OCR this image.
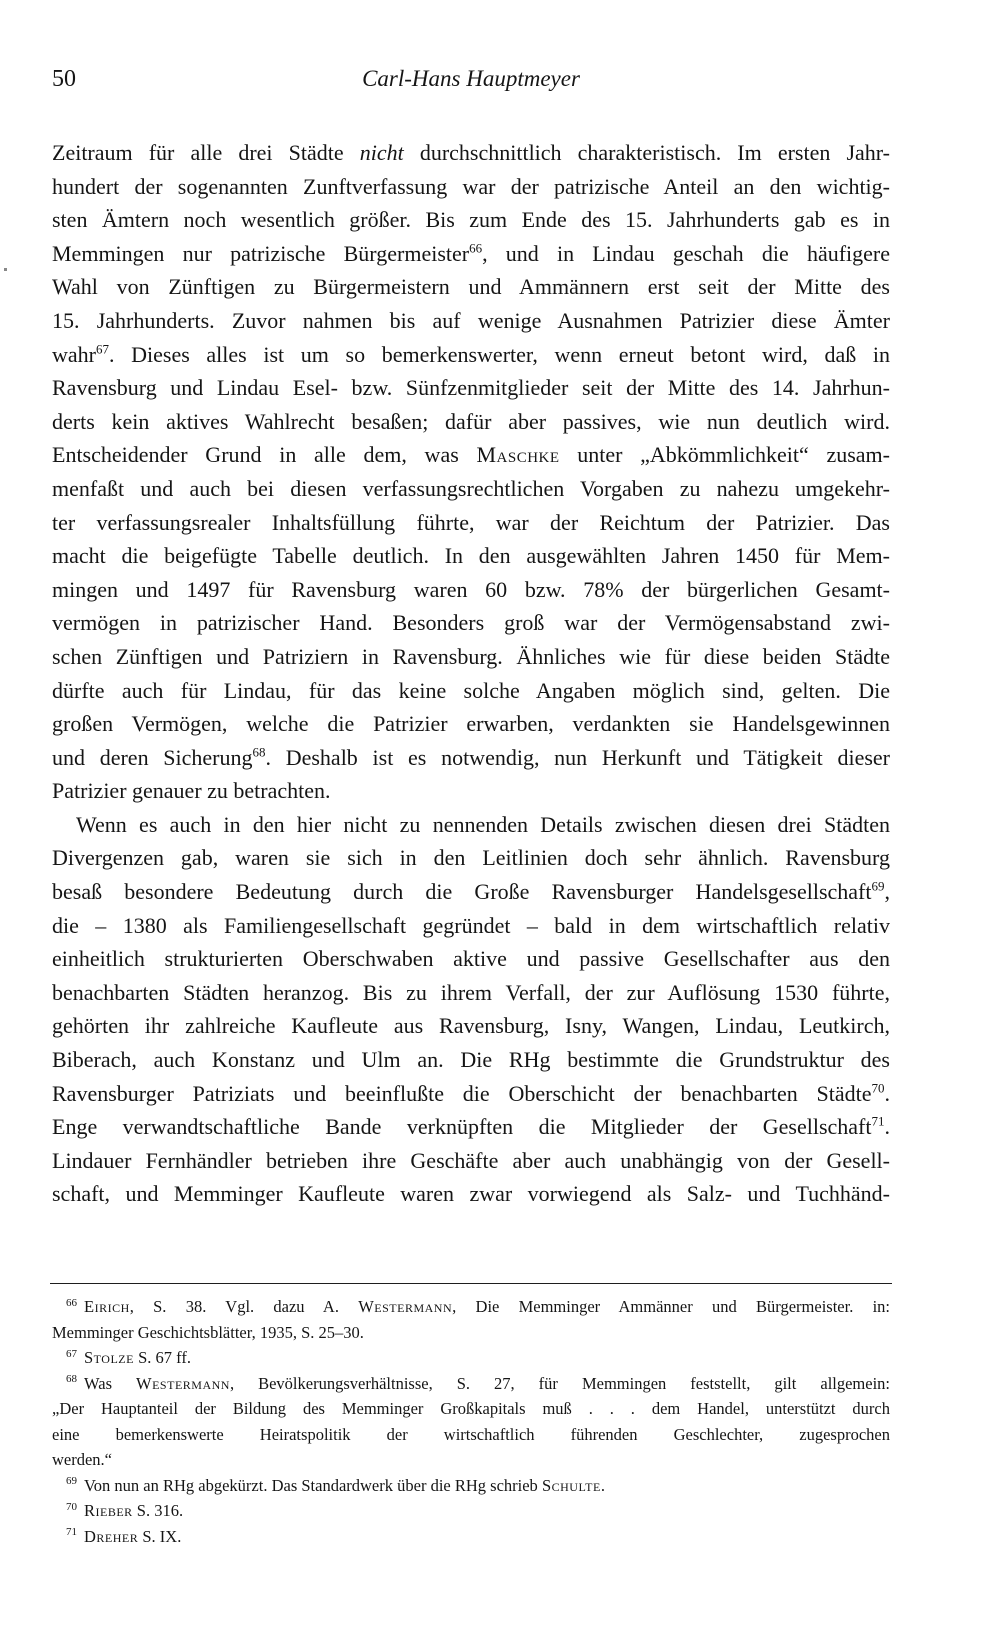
50	Carl-Hans Hauptmeyer
Zeitraum für alle drei Städte nicht durchschnittlich charakteristisch. Im ersten Jahr-
hundert der sogenannten Zunftverfassung war der patrizische Anteil an den wichtig-
sten Ämtern noch wesentlich größer. Bis zum Ende des 15. Jahrhunderts gab es in
Memmingen nur patrizische Bürgermeister$^{66}$, und in Lindau geschah die häufigere
Wahl von Zünftigen zu Bürgermeistern und Ammännern erst seit der Mitte des
15. Jahrhunderts. Zuvor nahmen bis auf wenige Ausnahmen Patrizier diese Ämter
wahr$^{67}$. Dieses alles ist um so bemerkenswerter, wenn erneut betont wird, daß in
Ravensburg und Lindau Esel- bzw. Sünfzenmitglieder seit der Mitte des 14. Jahrhun-
derts kein aktives Wahlrecht besaßen; dafür aber passives, wie nun deutlich wird.
Entscheidender Grund in alle dem, was Maschke unter „Abkömmlichkeit“ zusam-
menfaßt und auch bei diesen verfassungsrechtlichen Vorgaben zu nahezu umgekehr-
ter verfassungsrealer Inhaltsfüllung führte, war der Reichtum der Patrizier. Das
macht die beigefügte Tabelle deutlich. In den ausgewählten Jahren 1450 für Mem-
mingen und 1497 für Ravensburg waren 60 bzw. 78% der bürgerlichen Gesamt-
vermögen in patrizischer Hand. Besonders groß war der Vermögensabstand zwi-
schen Zünftigen und Patriziern in Ravensburg. Ähnliches wie für diese beiden Städte
dürfte auch für Lindau, für das keine solche Angaben möglich sind, gelten. Die
großen Vermögen, welche die Patrizier erwarben, verdankten sie Handelsgewinnen
und deren Sicherung$^{68}$. Deshalb ist es notwendig, nun Herkunft und Tätigkeit dieser
Patrizier genauer zu betrachten.
Wenn es auch in den hier nicht zu nennenden Details zwischen diesen drei Städten
Divergenzen gab, waren sie sich in den Leitlinien doch sehr ähnlich. Ravensburg
besaß besondere Bedeutung durch die Große Ravensburger Handelsgesellschaft$^{69}$,
die – 1380 als Familiengesellschaft gegründet – bald in dem wirtschaftlich relativ
einheitlich strukturierten Oberschwaben aktive und passive Gesellschafter aus den
benachbarten Städten heranzog. Bis zu ihrem Verfall, der zur Auflösung 1530 führte,
gehörten ihr zahlreiche Kaufleute aus Ravensburg, Isny, Wangen, Lindau, Leutkirch,
Biberach, auch Konstanz und Ulm an. Die RHg bestimmte die Grundstruktur des
Ravensburger Patriziats und beeinflußte die Oberschicht der benachbarten Städte$^{70}$.
Enge verwandtschaftliche Bande verknüpften die Mitglieder der Gesellschaft$^{71}$.
Lindauer Fernhändler betrieben ihre Geschäfte aber auch unabhängig von der Gesell-
schaft, und Memminger Kaufleute waren zwar vorwiegend als Salz- und Tuchhänd-
$^{66}$ Eirich, S. 38. Vgl. dazu A. Westermann, Die Memminger Ammänner und Bürgermeister. in:
Memminger Geschichtsblätter, 1935, S. 25–30.
$^{67}$ Stolze S. 67 ff.
$^{68}$ Was Westermann, Bevölkerungsverhältnisse, S. 27, für Memmingen feststellt, gilt allgemein:
„Der Hauptanteil der Bildung des Memminger Großkapitals muß . . . dem Handel, unterstützt durch
eine bemerkenswerte Heiratspolitik der wirtschaftlich führenden Geschlechter, zugesprochen
werden.“
$^{69}$ Von nun an RHg abgekürzt. Das Standardwerk über die RHg schrieb Schulte.
$^{70}$ Rieber S. 316.
$^{71}$ Dreher S. IX.
